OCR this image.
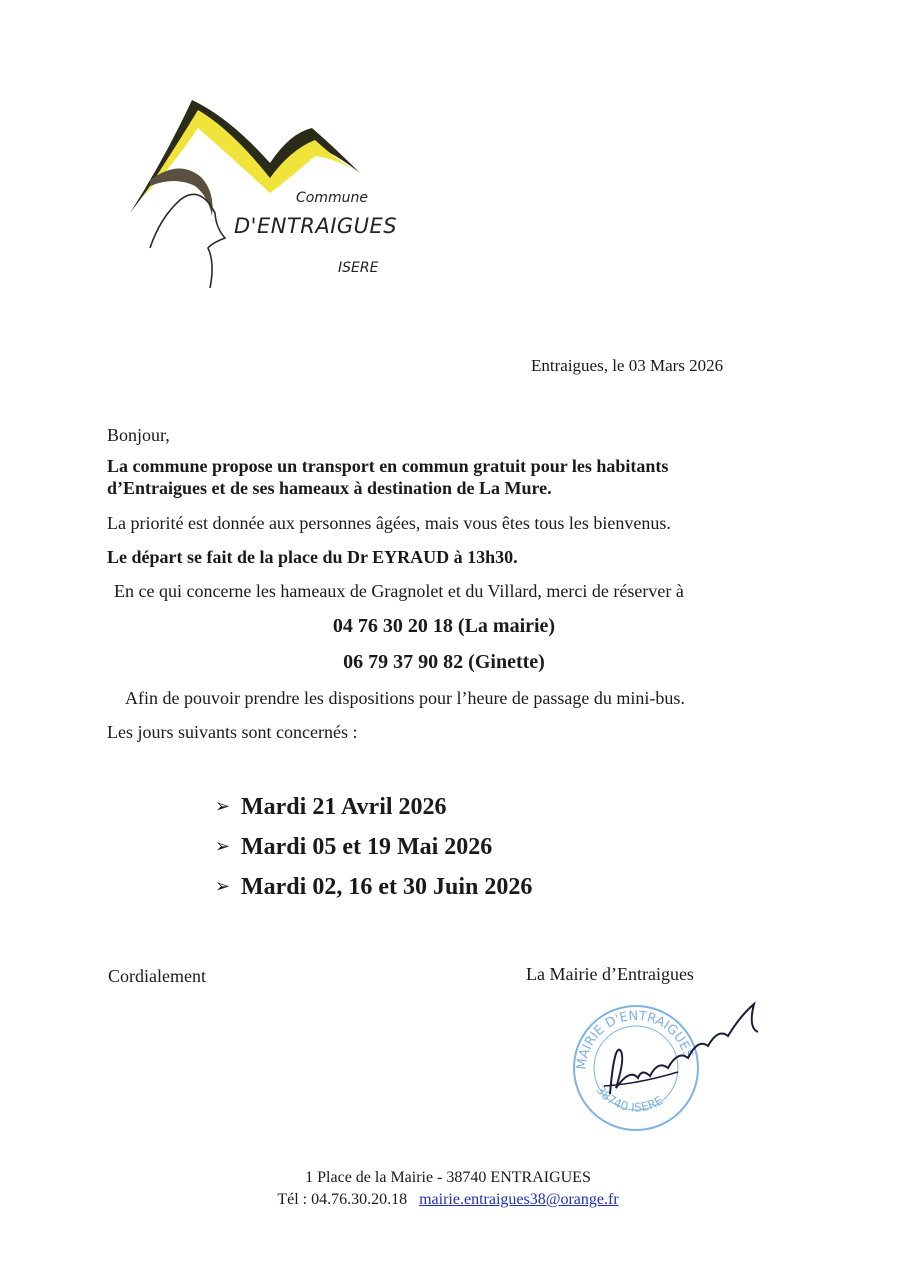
Commune
D'ENTRAIGUES
ISERE
Entraigues, le 03 Mars 2026
Bonjour,
La commune propose un transport en commun gratuit pour les habitants
d’Entraigues et de ses hameaux à destination de La Mure.
La priorité est donnée aux personnes âgées, mais vous êtes tous les bienvenus.
Le départ se fait de la place du Dr EYRAUD à 13h30.
En ce qui concerne les hameaux de Gragnolet et du Villard, merci de réserver à
04 76 30 20 18 (La mairie)
06 79 37 90 82 (Ginette)
Afin de pouvoir prendre les dispositions pour l’heure de passage du mini-bus.
Les jours suivants sont concernés :
➢ Mardi 21 Avril 2026
➢ Mardi 05 et 19 Mai 2026
➢ Mardi 02, 16 et 30 Juin 2026
Cordialement	La Mairie d’Entraigues
MAIRIE D'ENTRAIGUES
38740 ISERE
1 Place de la Mairie - 38740 ENTRAIGUES
Tél : 04.76.30.20.18 mairie.entraigues38@orange.fr
